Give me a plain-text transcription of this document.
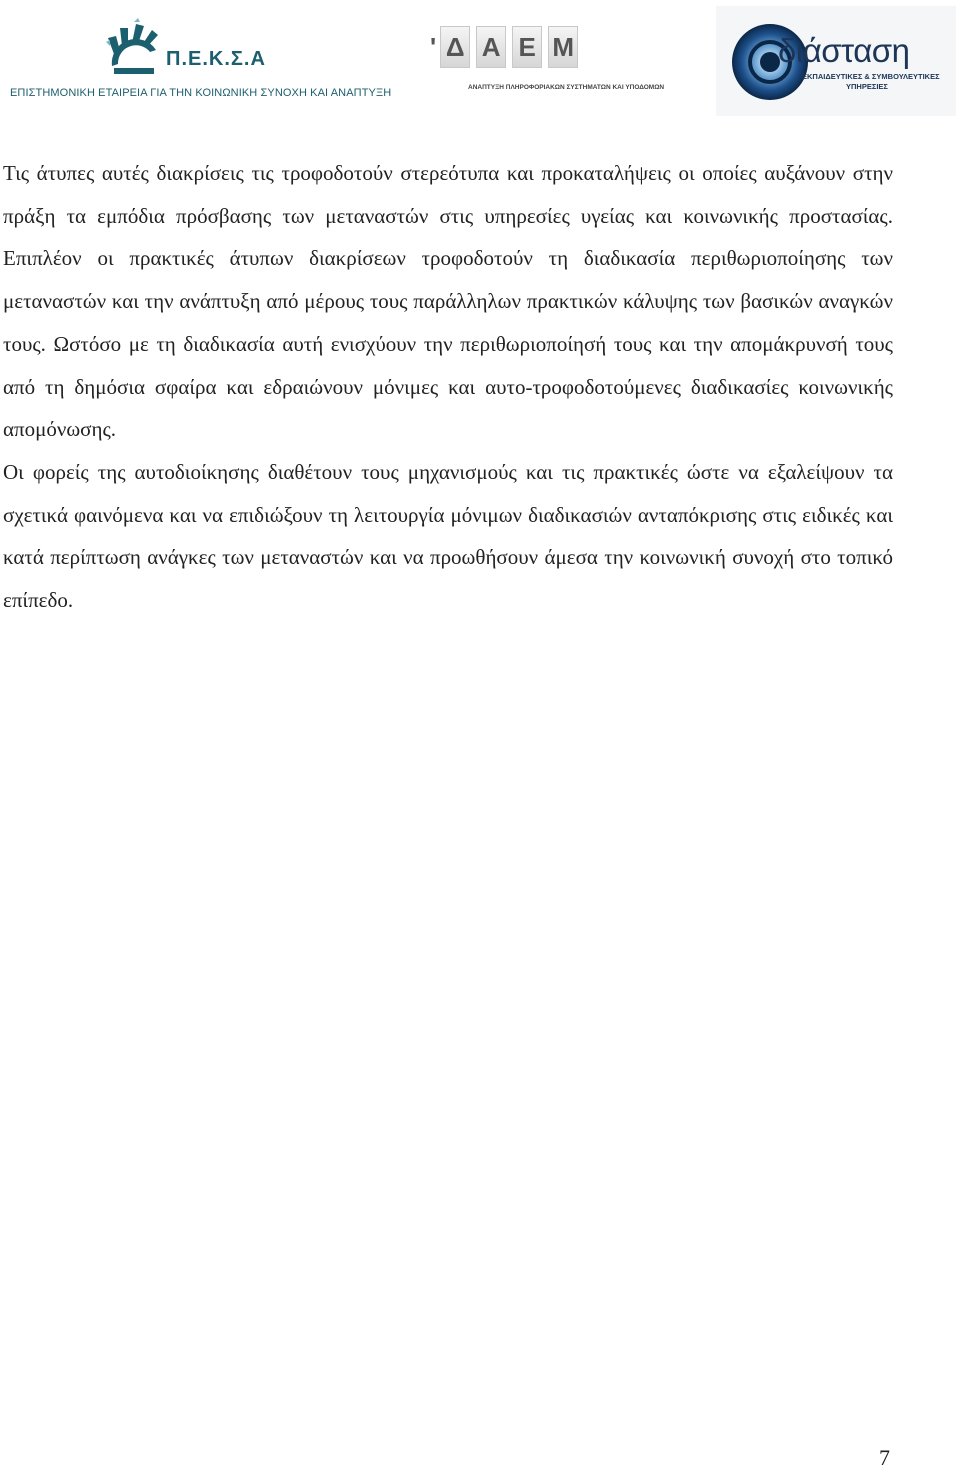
Π.Ε.Κ.Σ.Α
ΕΠΙΣΤΗΜΟΝΙΚΗ ΕΤΑΙΡΕΙΑ ΓΙΑ ΤΗΝ ΚΟΙΝΩΝΙΚΗ ΣΥΝΟΧΗ ΚΑΙ ΑΝΑΠΤΥΞΗ
' Δ Α Ε Μ
ΑΝΑΠΤΥΞΗ ΠΛΗΡΟΦΟΡΙΑΚΩΝ ΣΥΣΤΗΜΑΤΩΝ ΚΑΙ ΥΠΟΔΟΜΩΝ
διάσταση
ΕΚΠΑΙΔΕΥΤΙΚΕΣ & ΣΥΜΒΟΥΛΕΥΤΙΚΕΣ
ΥΠΗΡΕΣΙΕΣ

Τις άτυπες αυτές διακρίσεις τις τροφοδοτούν στερεότυπα και προκαταλήψεις οι οποίες αυξάνουν στην πράξη τα εμπόδια πρόσβασης των μεταναστών στις υπηρεσίες υγείας και κοινωνικής προστασίας. Επιπλέον οι πρακτικές άτυπων διακρίσεων τροφοδοτούν τη διαδικασία περιθωριοποίησης των μεταναστών και την ανάπτυξη από μέρους τους παράλληλων πρακτικών κάλυψης των βασικών αναγκών τους. Ωστόσο με τη διαδικασία αυτή ενισχύουν την περιθωριοποίησή τους και την απομάκρυνσή τους από τη δημόσια σφαίρα και εδραιώνουν μόνιμες και αυτο-τροφοδοτούμενες διαδικασίες κοινωνικής απομόνωσης.

Οι φορείς της αυτοδιοίκησης διαθέτουν τους μηχανισμούς και τις πρακτικές ώστε να εξαλείψουν τα σχετικά φαινόμενα και να επιδιώξουν τη λειτουργία μόνιμων διαδικασιών ανταπόκρισης στις ειδικές και κατά περίπτωση ανάγκες των μεταναστών και να προωθήσουν άμεσα την κοινωνική συνοχή στο τοπικό επίπεδο.

7
